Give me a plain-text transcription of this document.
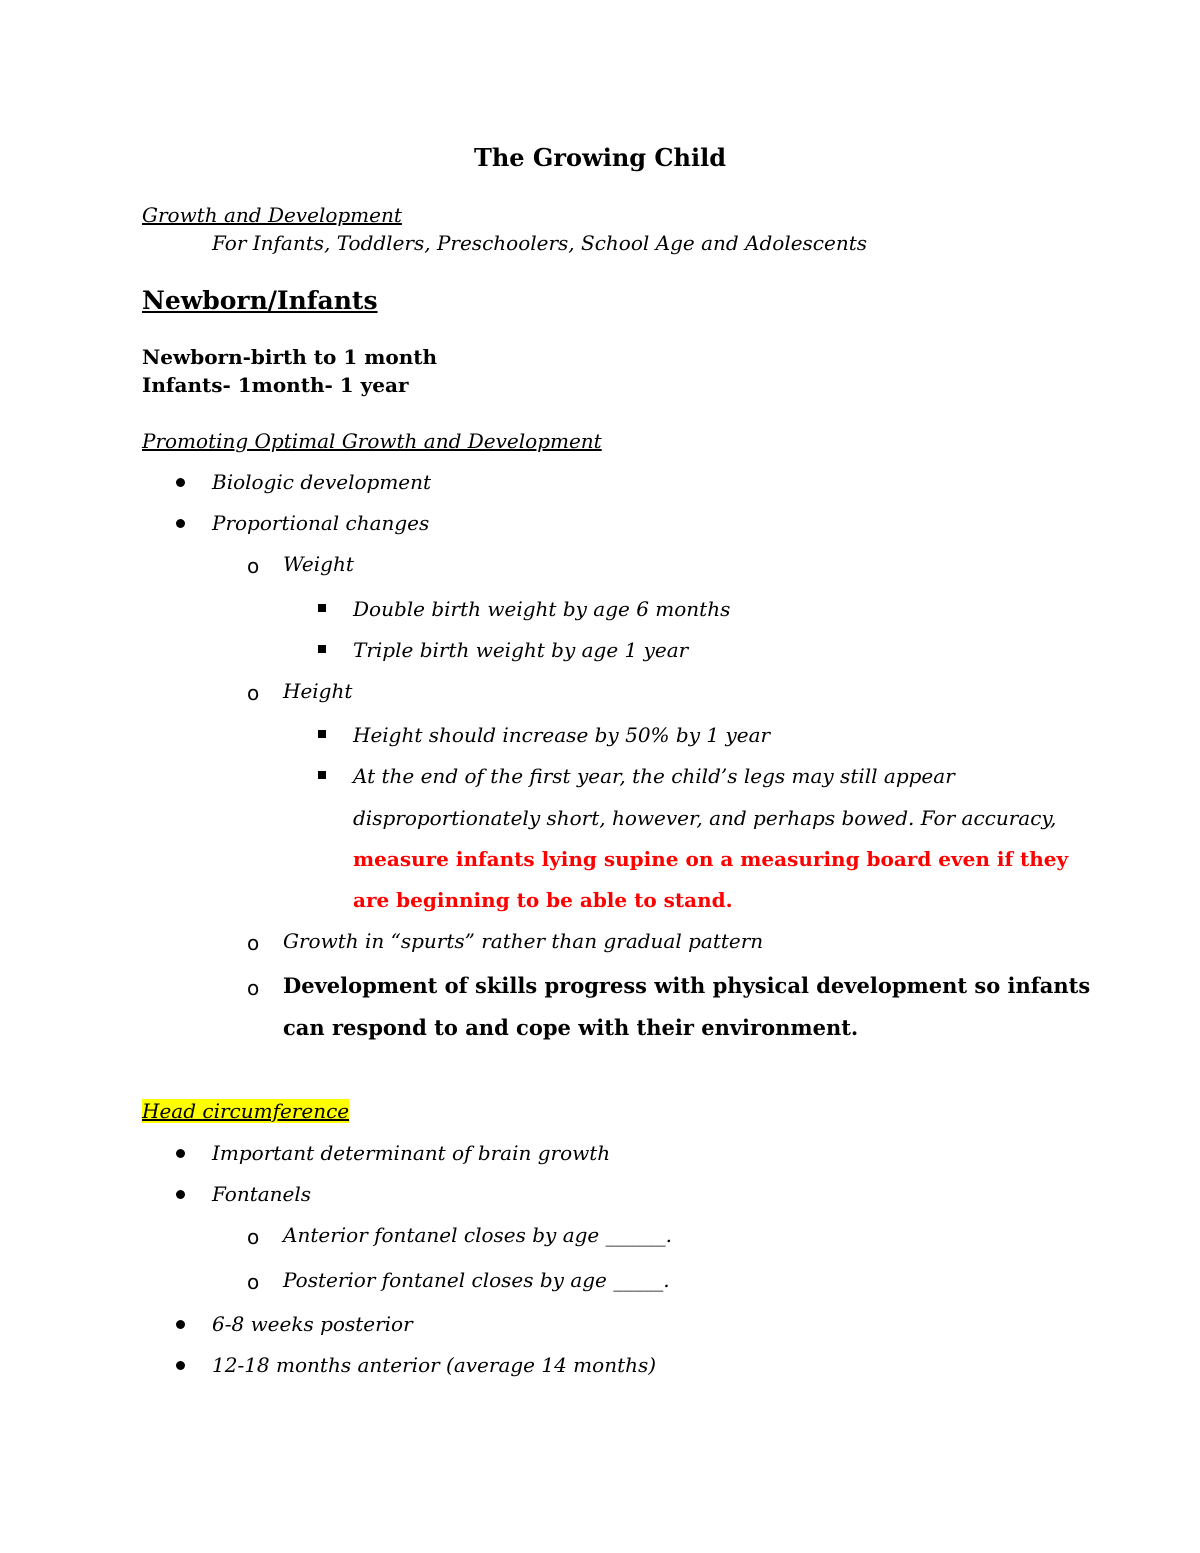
The Growing Child
Growth and Development
For Infants, Toddlers, Preschoolers, School Age and Adolescents
Newborn/Infants
Newborn-birth to 1 month
Infants- 1month- 1 year
Promoting Optimal Growth and Development
Biologic development
Proportional changes
o Weight
Double birth weight by age 6 months
Triple birth weight by age 1 year
o Height
Height should increase by 50% by 1 year
At the end of the first year, the child’s legs may still appear
disproportionately short, however, and perhaps bowed. For accuracy,
measure infants lying supine on a measuring board even if they
are beginning to be able to stand.
o Growth in “spurts” rather than gradual pattern
o Development of skills progress with physical development so infants
can respond to and cope with their environment.
Head circumference
Important determinant of brain growth
Fontanels
o Anterior fontanel closes by age ______.
o Posterior fontanel closes by age _____.
6-8 weeks posterior
12-18 months anterior (average 14 months)
